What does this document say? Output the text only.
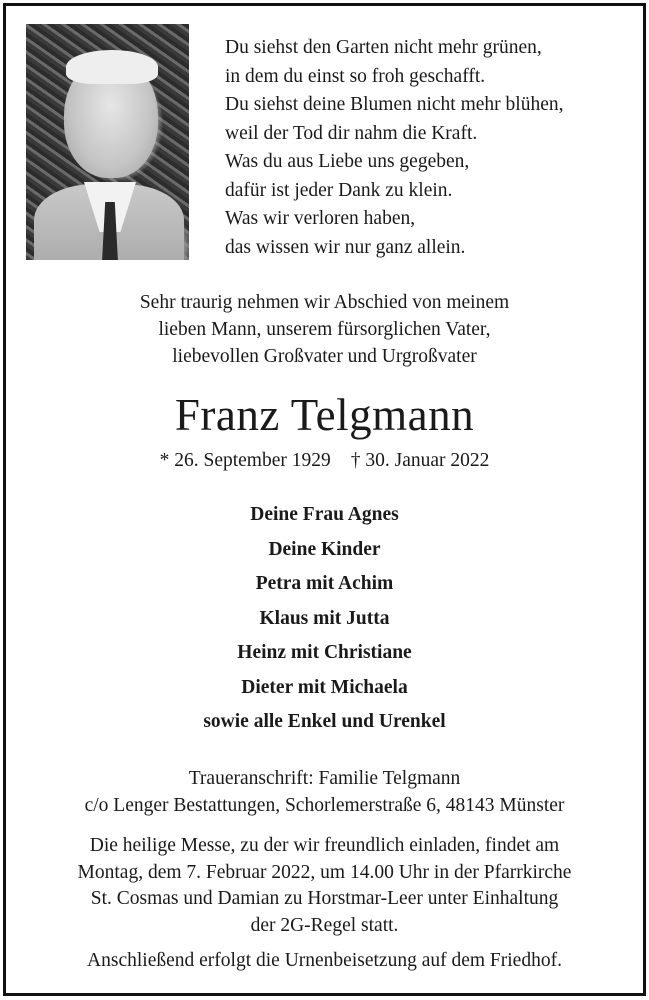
Du siehst den Garten nicht mehr grünen,
in dem du einst so froh geschafft.
Du siehst deine Blumen nicht mehr blühen,
weil der Tod dir nahm die Kraft.
Was du aus Liebe uns gegeben,
dafür ist jeder Dank zu klein.
Was wir verloren haben,
das wissen wir nur ganz allein.
Sehr traurig nehmen wir Abschied von meinem
lieben Mann, unserem fürsorglichen Vater,
liebevollen Großvater und Urgroßvater
Franz Telgmann
* 26. September 1929 † 30. Januar 2022
Deine Frau Agnes
Deine Kinder
Petra mit Achim
Klaus mit Jutta
Heinz mit Christiane
Dieter mit Michaela
sowie alle Enkel und Urenkel
Traueranschrift: Familie Telgmann
c/o Lenger Bestattungen, Schorlemerstraße 6, 48143 Münster
Die heilige Messe, zu der wir freundlich einladen, findet am
Montag, dem 7. Februar 2022, um 14.00 Uhr in der Pfarrkirche
St. Cosmas und Damian zu Horstmar-Leer unter Einhaltung
der 2G-Regel statt.
Anschließend erfolgt die Urnenbeisetzung auf dem Friedhof.
